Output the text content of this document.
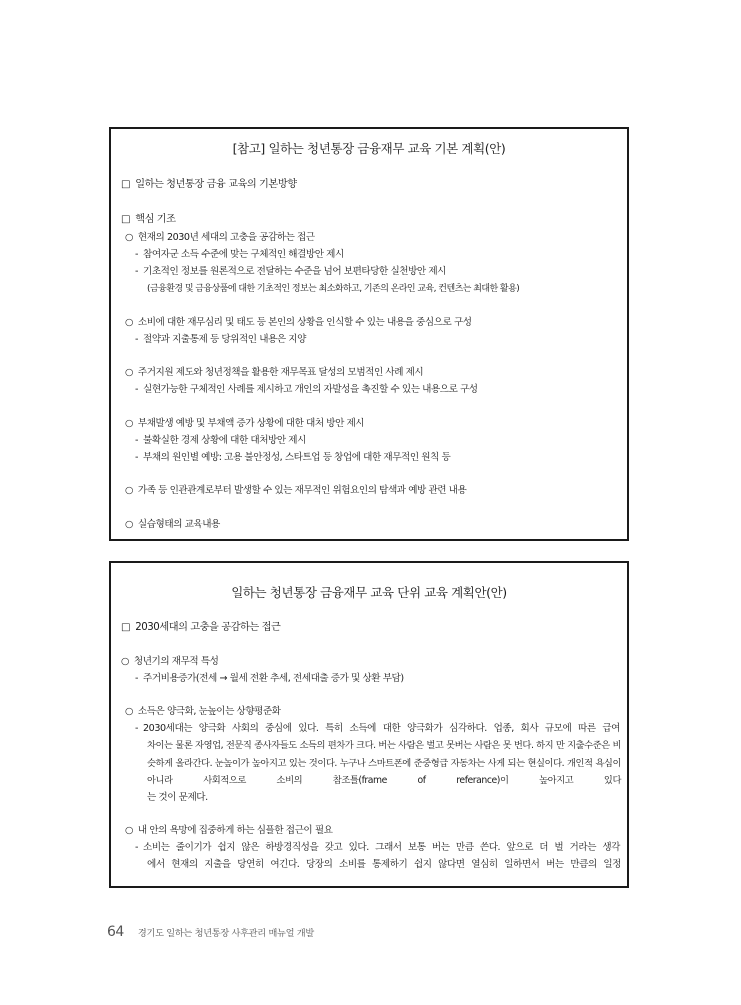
[참고] 일하는 청년통장 금융재무 교육 기본 계획(안)
□ 일하는 청년통장 금융 교육의 기본방향
□ 핵심 기조
○ 현재의 2030년 세대의 고충을 공감하는 접근
- 참여자군 소득 수준에 맞는 구체적인 해결방안 제시
- 기초적인 정보를 원론적으로 전달하는 수준을 넘어 보편타당한 실천방안 제시
(금융환경 및 금융상품에 대한 기초적인 정보는 최소화하고, 기존의 온라인 교육, 컨텐츠는 최대한 활용)
○ 소비에 대한 재무심리 및 태도 등 본인의 상황을 인식할 수 있는 내용을 중심으로 구성
- 절약과 지출통제 등 당위적인 내용은 지양
○ 주거지원 제도와 청년정책을 활용한 재무목표 달성의 모범적인 사례 제시
- 실현가능한 구체적인 사례를 제시하고 개인의 자발성을 촉진할 수 있는 내용으로 구성
○ 부채발생 예방 및 부채액 증가 상황에 대한 대처 방안 제시
- 불확실한 경제 상황에 대한 대처방안 제시
- 부채의 원인별 예방: 고용 불안정성, 스타트업 등 창업에 대한 재무적인 원칙 등
○ 가족 등 인관관계로부터 발생할 수 있는 재무적인 위험요인의 탐색과 예방 관련 내용
○ 실습형태의 교육내용
일하는 청년통장 금융재무 교육 단위 교육 계획안(안)
□ 2030세대의 고충을 공감하는 접근
○ 청년기의 재무적 특성
- 주거비용증가(전세 → 월세 전환 추세, 전세대출 증가 및 상환 부담)
○ 소득은 양극화, 눈높이는 상향평준화
- 2030세대는 양극화 사회의 중심에 있다. 특히 소득에 대한 양극화가 심각하다. 업종, 회사 규모에 따른 급여
차이는 물론 자영업, 전문직 종사자들도 소득의 편차가 크다. 버는 사람은 벌고 못버는 사람은 못 번다. 하지 만 지출수준은 비슷하게 올라간다. 눈높이가 높아지고 있는 것이다. 누구나 스마트폰에 준중형급 자동차는 사게 되는 현실이다. 개인적 욕심이 아니라 사회적으로 소비의 참조틀(frame of referance)이 높아지고 있다
는 것이 문제다.
○ 내 안의 욕망에 집중하게 하는 심플한 접근이 필요
- 소비는 줄이기가 쉽지 않은 하방경직성을 갖고 있다. 그래서 보통 버는 만큼 쓴다. 앞으로 더 벌 거라는 생각
에서 현재의 지출을 당연히 여긴다. 당장의 소비를 통제하기 쉽지 않다면 열심히 일하면서 버는 만큼의 일정
64 경기도 일하는 청년통장 사후관리 매뉴얼 개발
